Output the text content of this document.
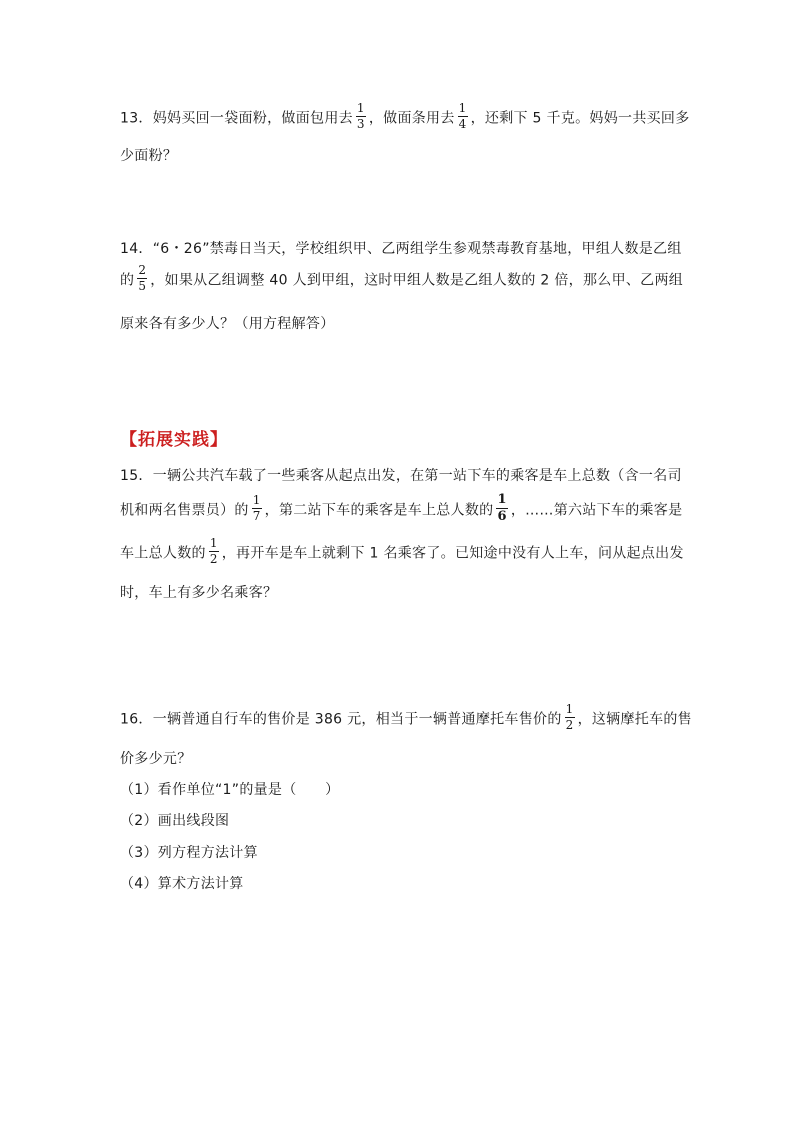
13．妈妈买回一袋面粉，做面包用去 $\frac{1}{3}$ ，做面条用去 $\frac{1}{4}$ ，还剩下 5 千克。妈妈一共买回多
少面粉？
14．“6・26”禁毒日当天，学校组织甲、乙两组学生参观禁毒教育基地，甲组人数是乙组
的 $\frac{2}{5}$ ，如果从乙组调整 40 人到甲组，这时甲组人数是乙组人数的 2 倍，那么甲、乙两组
原来各有多少人？（用方程解答）
【拓展实践】
15．一辆公共汽车载了一些乘客从起点出发，在第一站下车的乘客是车上总数（含一名司
机和两名售票员）的 $\frac{1}{7}$ ，第二站下车的乘客是车上总人数的 $\frac{1}{6}$ ，……第六站下车的乘客是
车上总人数的 $\frac{1}{2}$ ，再开车是车上就剩下 1 名乘客了。已知途中没有人上车，问从起点出发
时，车上有多少名乘客？
16．一辆普通自行车的售价是 386 元，相当于一辆普通摩托车售价的 $\frac{1}{2}$ ，这辆摩托车的售
价多少元？
（1）看作单位“1”的量是（　　）
（2）画出线段图
（3）列方程方法计算
（4）算术方法计算
